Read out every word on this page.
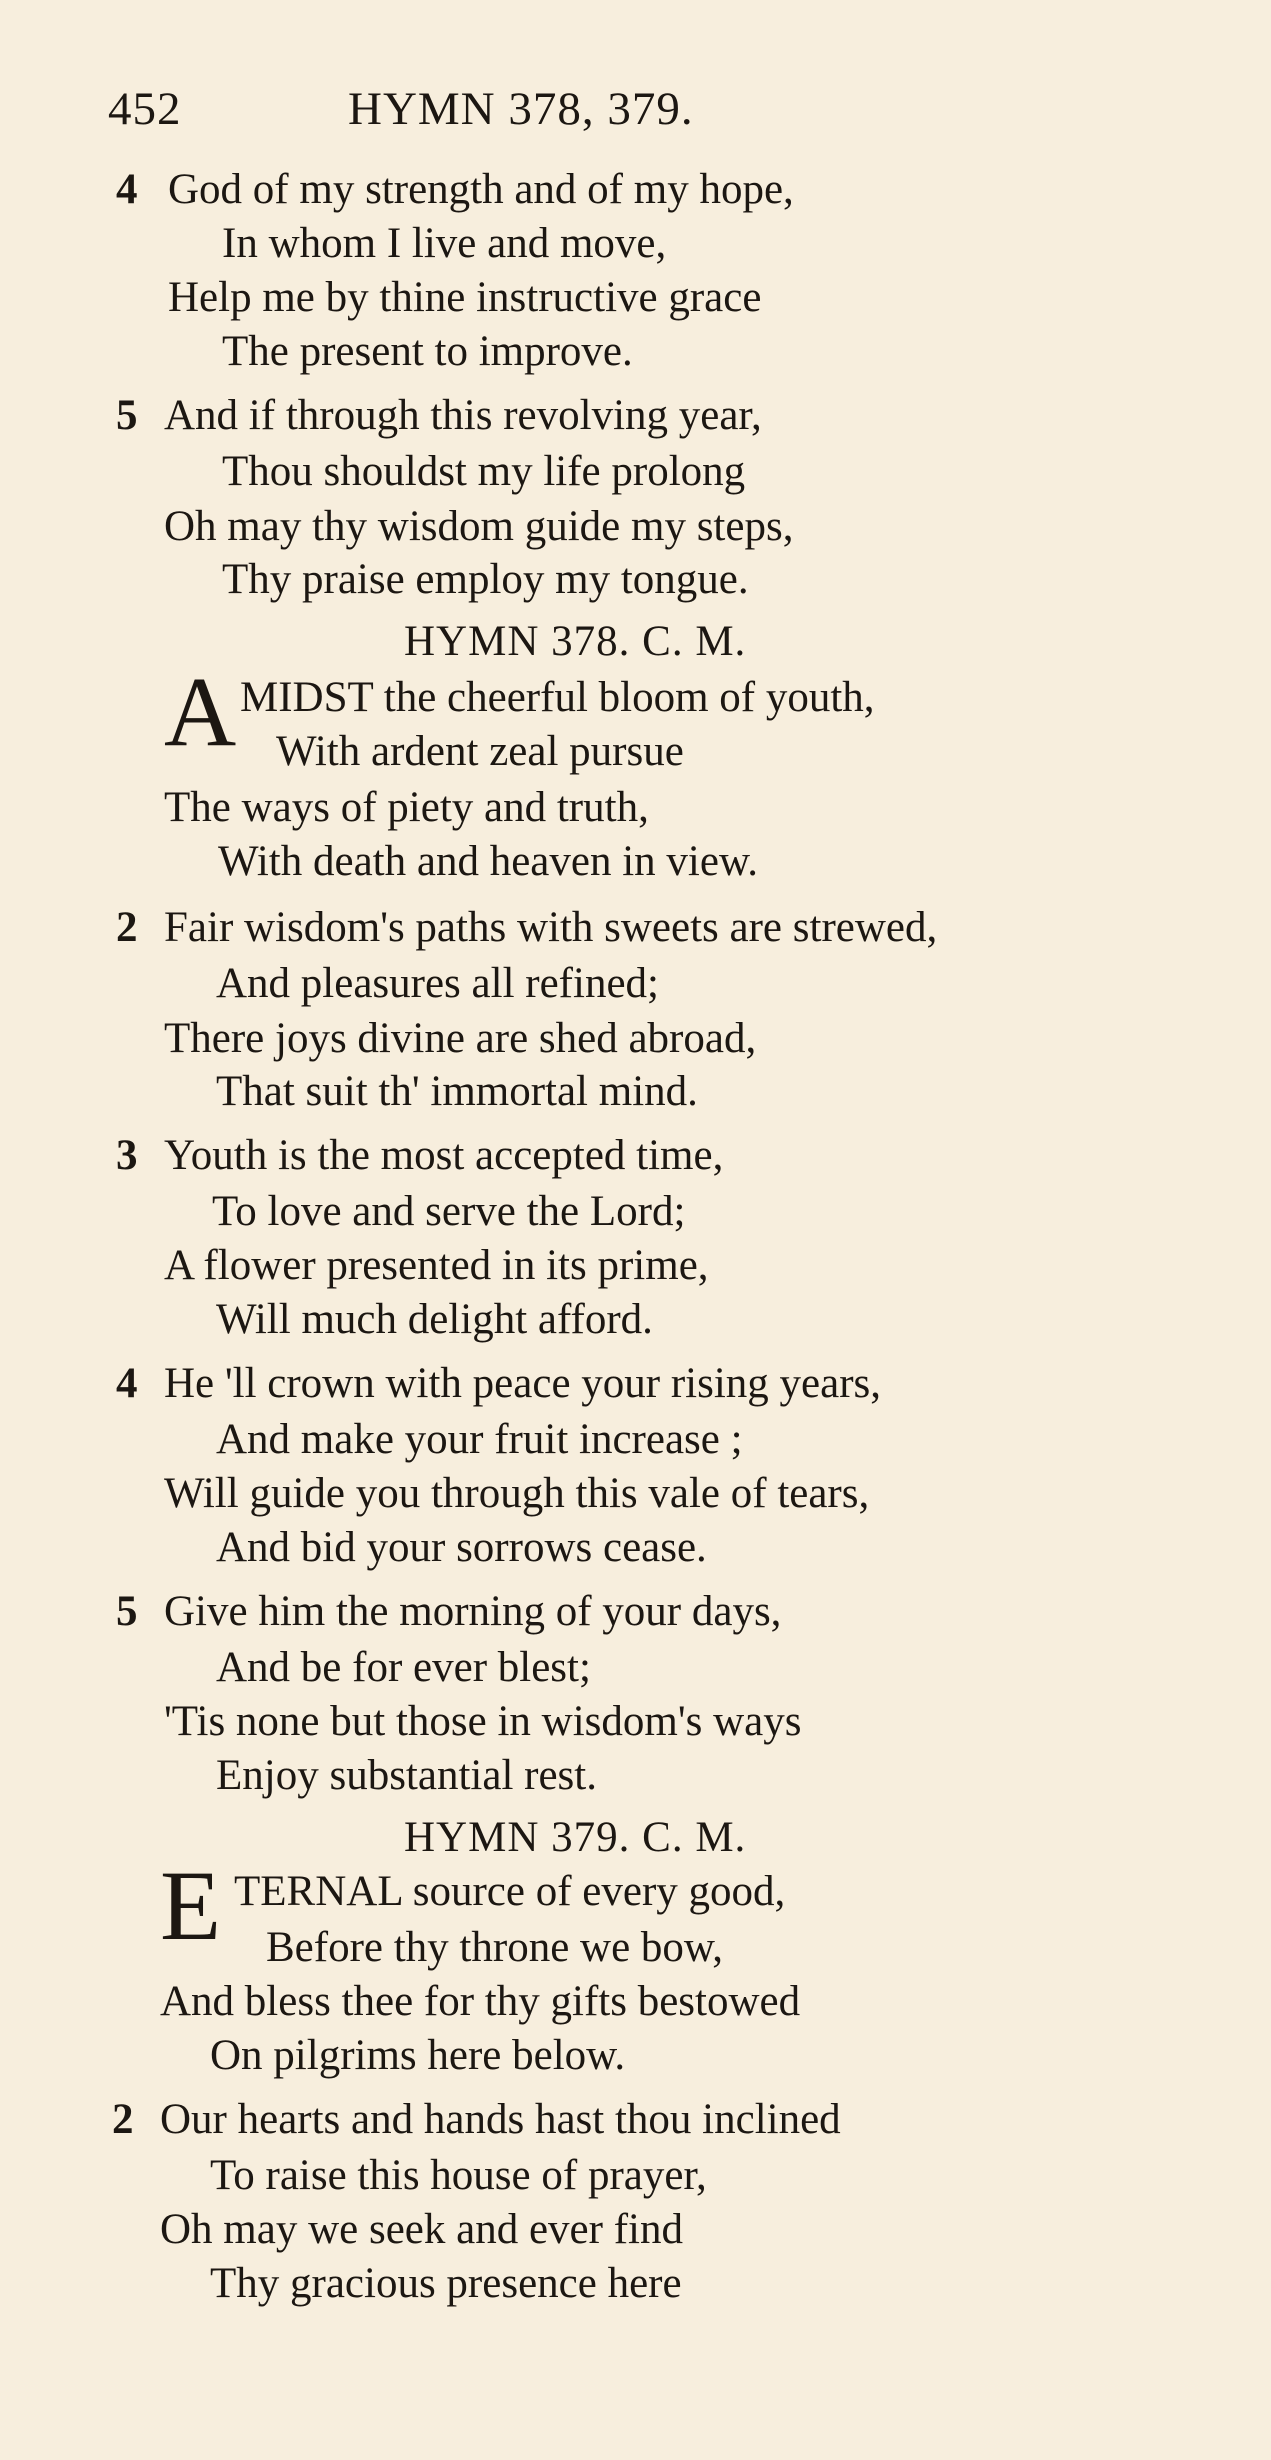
452	HYMN 378, 379.
4 God of my strength and of my hope,
In whom I live and move,
Help me by thine instructive grace
The present to improve.
5 And if through this revolving year,
Thou shouldst my life prolong
Oh may thy wisdom guide my steps,
Thy praise employ my tongue.
HYMN 378. C. M.
A MIDST the cheerful bloom of youth,
With ardent zeal pursue
The ways of piety and truth,
With death and heaven in view.
2 Fair wisdom's paths with sweets are strewed,
And pleasures all refined;
There joys divine are shed abroad,
That suit th' immortal mind.
3 Youth is the most accepted time,
To love and serve the Lord;
A flower presented in its prime,
Will much delight afford.
4 He 'll crown with peace your rising years,
And make your fruit increase ;
Will guide you through this vale of tears,
And bid your sorrows cease.
5 Give him the morning of your days,
And be for ever blest;
'Tis none but those in wisdom's ways
Enjoy substantial rest.
HYMN 379. C. M.
E TERNAL source of every good,
Before thy throne we bow,
And bless thee for thy gifts bestowed
On pilgrims here below.
2 Our hearts and hands hast thou inclined
To raise this house of prayer,
Oh may we seek and ever find
Thy gracious presence here
